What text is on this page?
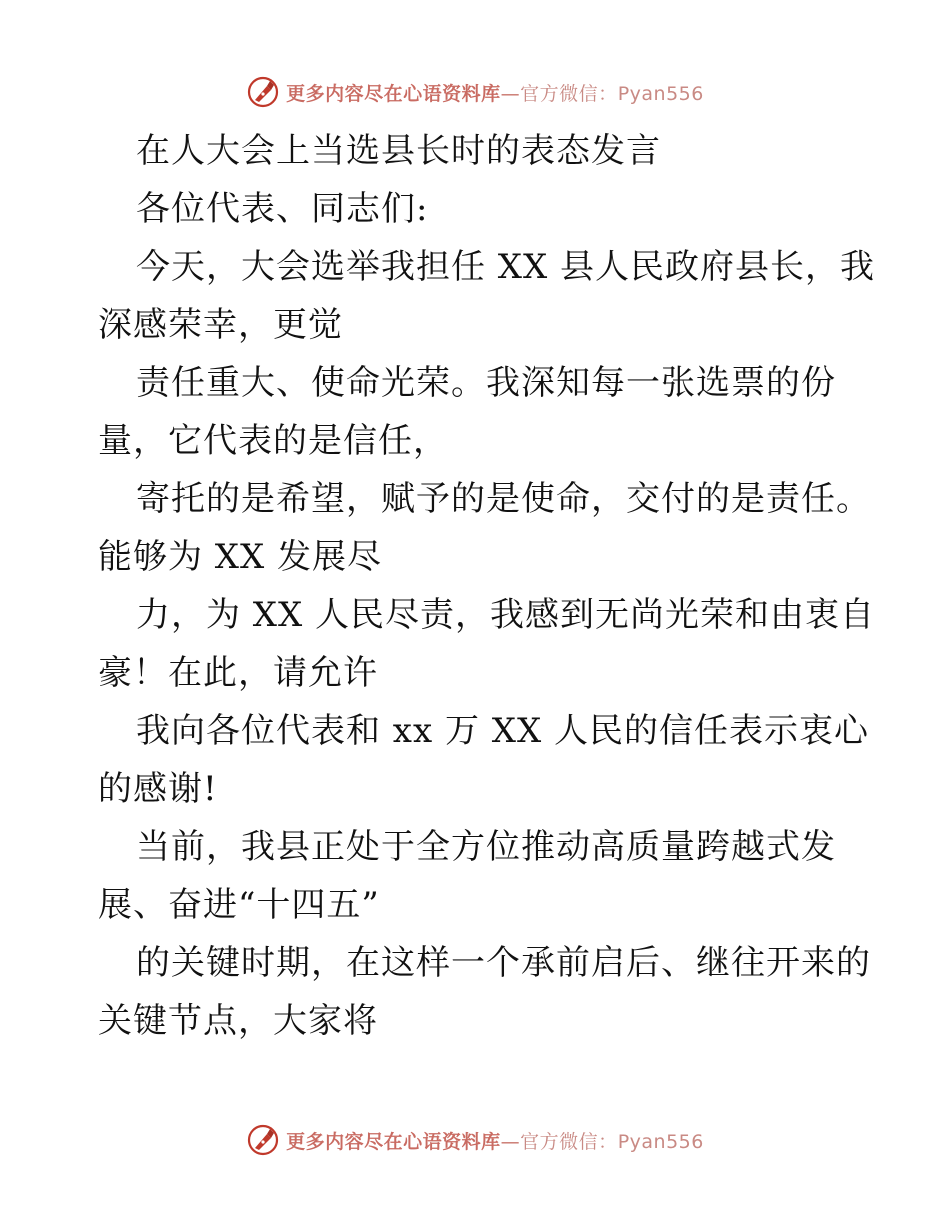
更多内容尽在心语资料库—官方微信：Pyan556
在人大会上当选县长时的表态发言
各位代表、同志们:
今天，大会选举我担任 XX 县人民政府县长，我
深感荣幸，更觉
责任重大、使命光荣。我深知每一张选票的份
量，它代表的是信任，
寄托的是希望，赋予的是使命，交付的是责任。
能够为 XX 发展尽
力，为 XX 人民尽责，我感到无尚光荣和由衷自
豪！在此，请允许
我向各位代表和 xx 万 XX 人民的信任表示衷心
的感谢!
当前，我县正处于全方位推动高质量跨越式发
展、奋进“十四五”
的关键时期，在这样一个承前启后、继往开来的
关键节点，大家将
更多内容尽在心语资料库—官方微信：Pyan556
